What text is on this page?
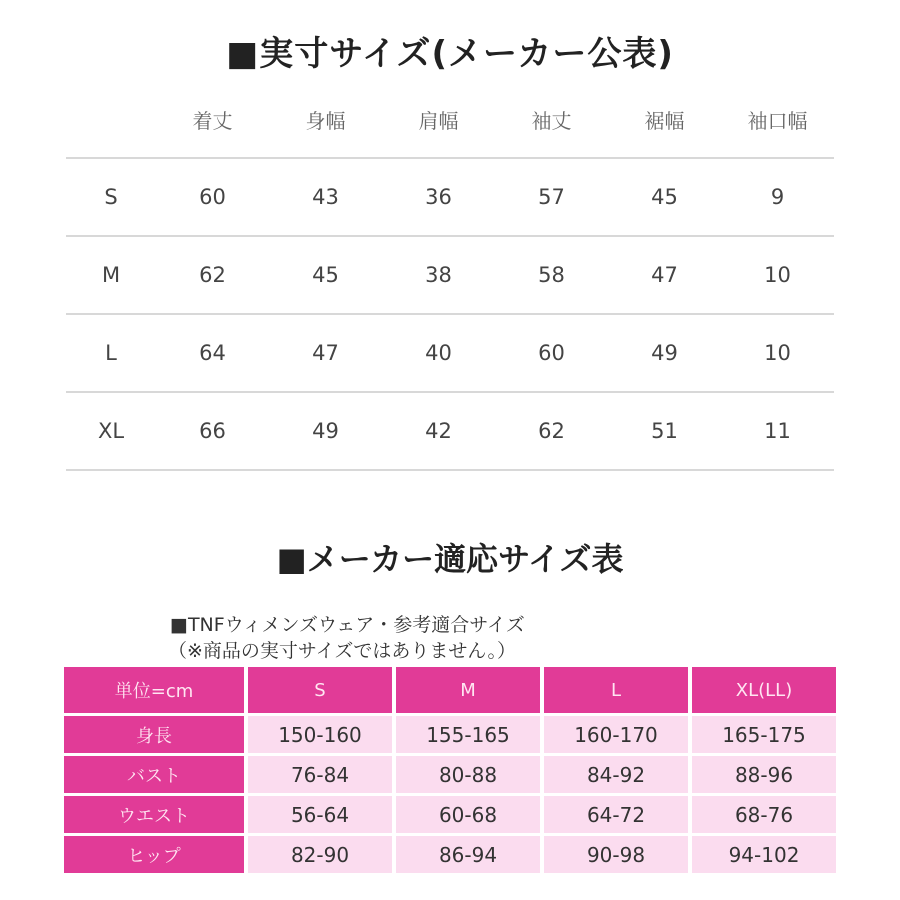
■実寸サイズ(メーカー公表)
	着丈	身幅	肩幅	袖丈	裾幅	袖口幅
S	60	43	36	57	45	9
M	62	45	38	58	47	10
L	64	47	40	60	49	10
XL	66	49	42	62	51	11
■メーカー適応サイズ表
■TNFウィメンズウェア・参考適合サイズ
（※商品の実寸サイズではありません。）
単位=cm	S	M	L	XL(LL)
身長	150-160	155-165	160-170	165-175
バスト	76-84	80-88	84-92	88-96
ウエスト	56-64	60-68	64-72	68-76
ヒップ	82-90	86-94	90-98	94-102
